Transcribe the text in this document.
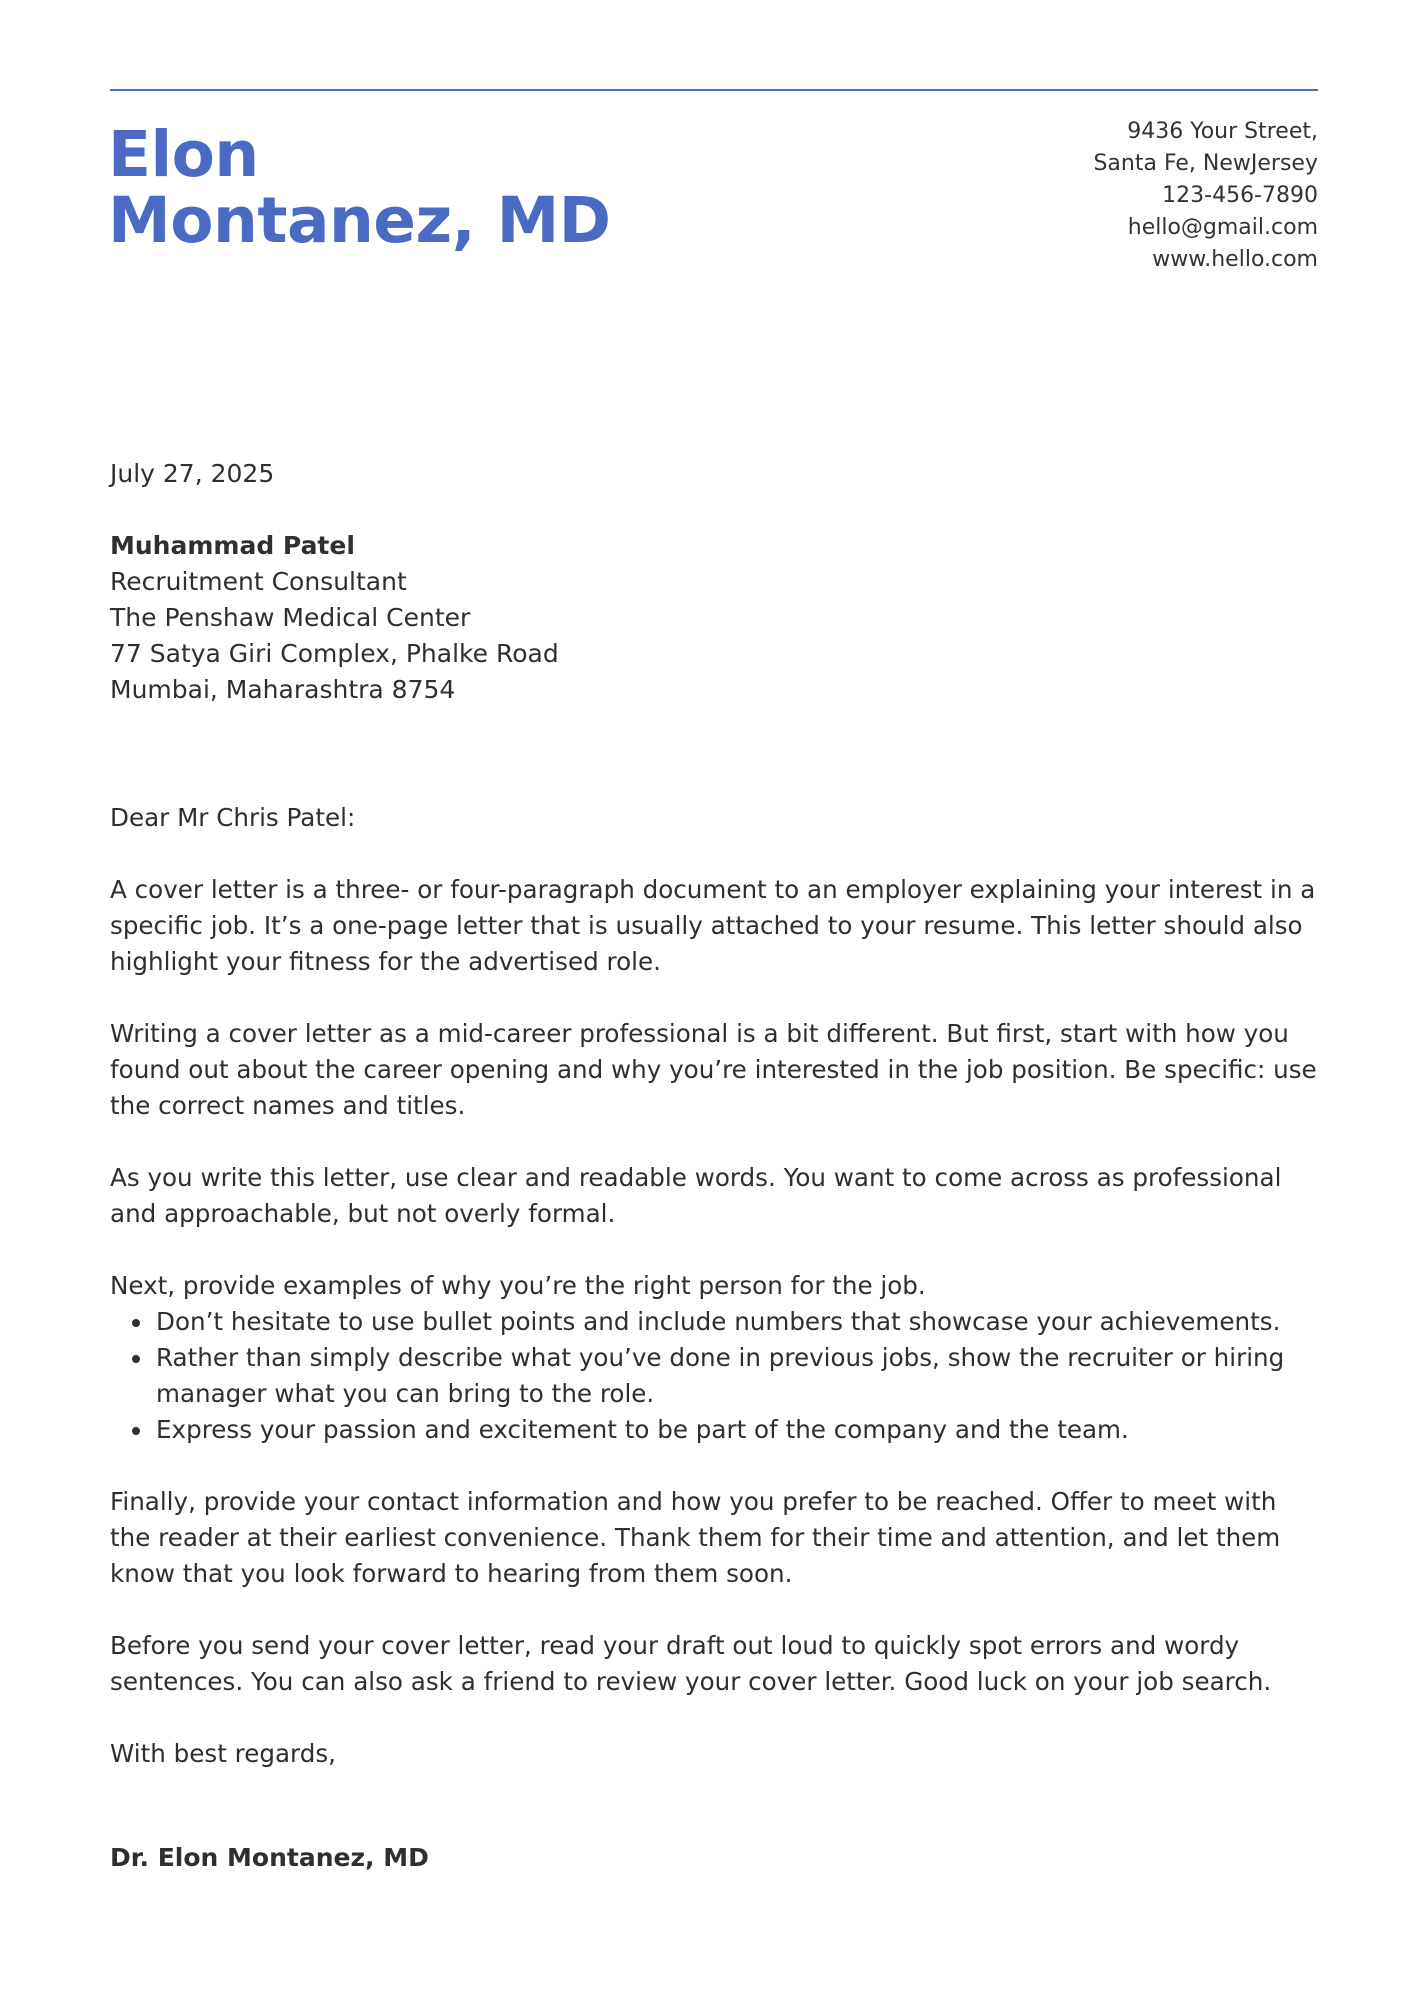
Elon
Montanez, MD
9436 Your Street,
Santa Fe, NewJersey
123-456-7890
hello@gmail.com
www.hello.com
July 27, 2025
Muhammad Patel
Recruitment Consultant
The Penshaw Medical Center
77 Satya Giri Complex, Phalke Road
Mumbai, Maharashtra 8754

Dear Mr Chris Patel:

A cover letter is a three- or four-paragraph document to an employer explaining your interest in a specific job. It’s a one-page letter that is usually attached to your resume. This letter should also highlight your fitness for the advertised role.

Writing a cover letter as a mid-career professional is a bit different. But first, start with how you found out about the career opening and why you’re interested in the job position. Be specific: use the correct names and titles.

As you write this letter, use clear and readable words. You want to come across as professional and approachable, but not overly formal.

Next, provide examples of why you’re the right person for the job.

• Don’t hesitate to use bullet points and include numbers that showcase your achievements.
• Rather than simply describe what you’ve done in previous jobs, show the recruiter or hiring manager what you can bring to the role.
• Express your passion and excitement to be part of the company and the team.

Finally, provide your contact information and how you prefer to be reached. Offer to meet with the reader at their earliest convenience. Thank them for their time and attention, and let them know that you look forward to hearing from them soon.

Before you send your cover letter, read your draft out loud to quickly spot errors and wordy sentences. You can also ask a friend to review your cover letter. Good luck on your job search.

With best regards,

Dr. Elon Montanez, MD
